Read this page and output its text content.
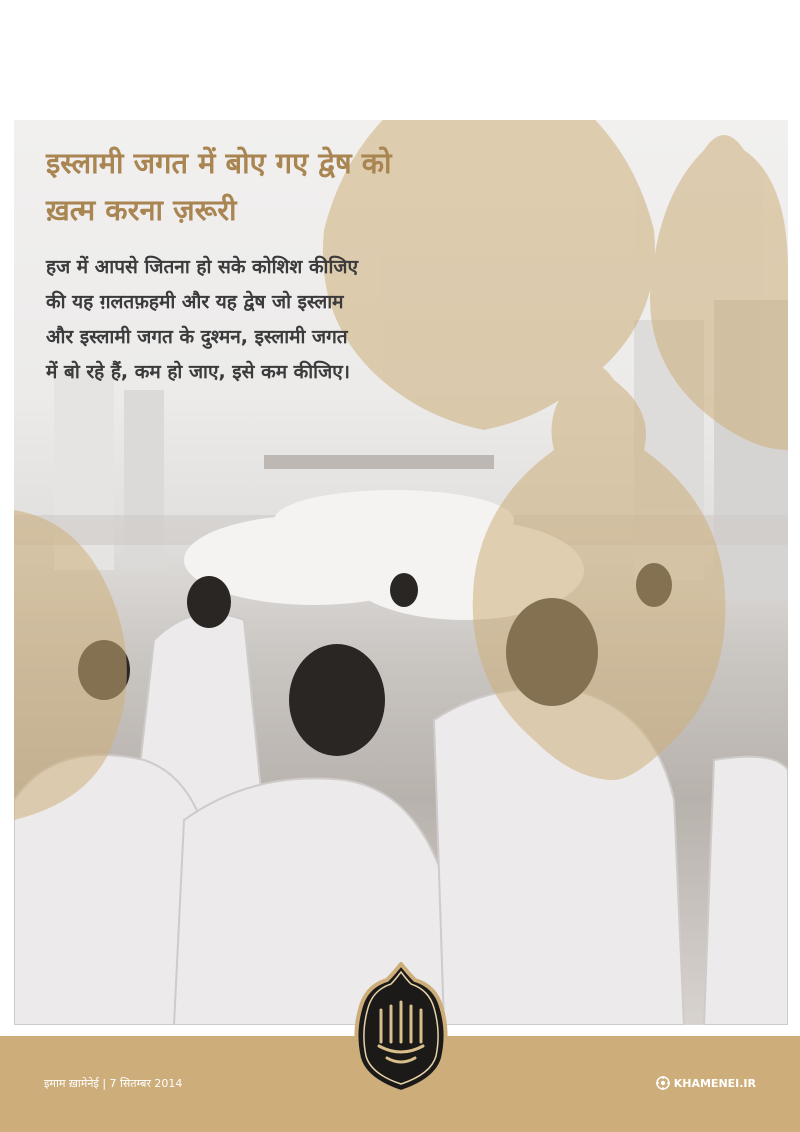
इस्लामी जगत में बोए गए द्वेष को
ख़त्म करना ज़रूरी

हज में आपसे जितना हो सके कोशिश कीजिए
की यह ग़लतफ़हमी और यह द्वेष जो इस्लाम
और इस्लामी जगत के दुश्मन, इस्लामी जगत
में बो रहे हैं, कम हो जाए, इसे कम कीजिए।

इमाम ख़ामेनेई | 7 सितम्बर 2014	KHAMENEI.IR
